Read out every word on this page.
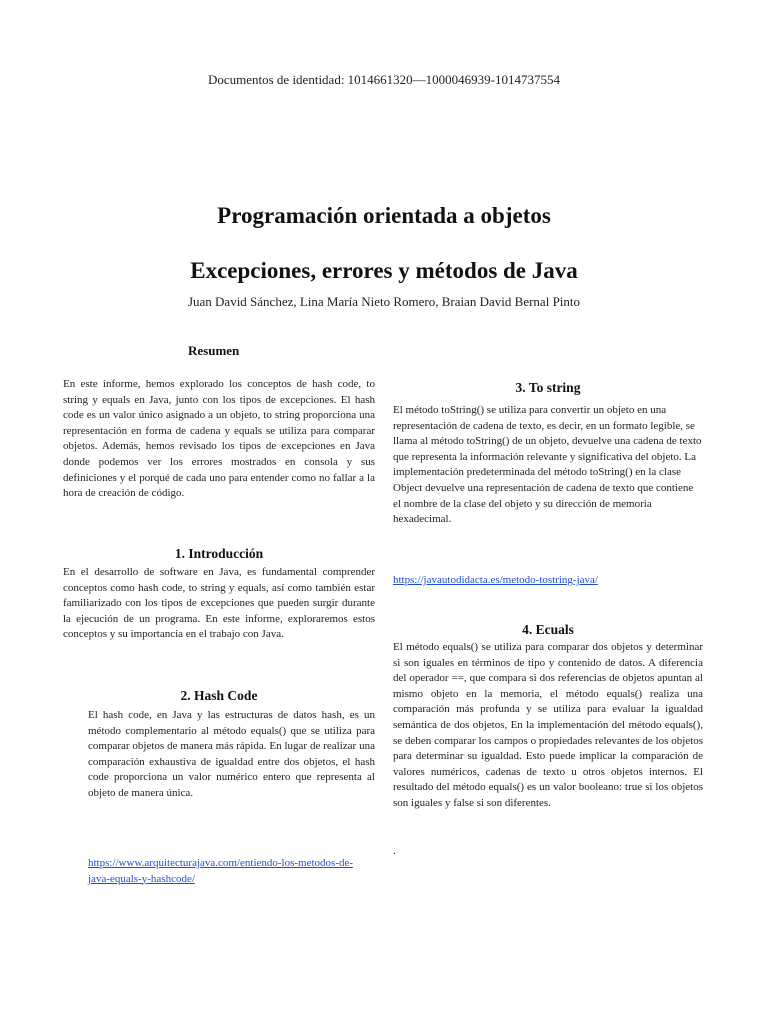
Documentos de identidad: 1014661320—1000046939-1014737554
Programación orientada a objetos
Excepciones, errores y métodos de Java
Juan David Sánchez, Lina María Nieto Romero, Braian David Bernal Pinto
Resumen

En este informe, hemos explorado los conceptos de hash code, to string y equals en Java, junto con los tipos de excepciones. El hash code es un valor único asignado a un objeto, to string proporciona una representación en forma de cadena y equals se utiliza para comparar objetos. Además, hemos revisado los tipos de excepciones en Java donde podemos ver los errores mostrados en consola y sus definiciones y el porqué de cada uno para entender como no fallar a la hora de creación de código.

1. Introducción

En el desarrollo de software en Java, es fundamental comprender conceptos como hash code, to string y equals, así como también estar familiarizado con los tipos de excepciones que pueden surgir durante la ejecución de un programa. En este informe, exploraremos estos conceptos y su importancia en el trabajo con Java.

2. Hash Code

El hash code, en Java y las estructuras de datos hash, es un método complementario al método equals() que se utiliza para comparar objetos de manera más rápida. En lugar de realizar una comparación exhaustiva de igualdad entre dos objetos, el hash code proporciona un valor numérico entero que representa al objeto de manera única.

https://www.arquitecturajava.com/entiendo-los-metodos-de-java-equals-y-hashcode/
3. To string

El método toString() se utiliza para convertir un objeto en una representación de cadena de texto, es decir, en un formato legible, se llama al método toString() de un objeto, devuelve una cadena de texto que representa la información relevante y significativa del objeto. La implementación predeterminada del método toString() en la clase Object devuelve una representación de cadena de texto que contiene el nombre de la clase del objeto y su dirección de memoria hexadecimal.

https://javautodidacta.es/metodo-tostring-java/
4. Ecuals

El método equals() se utiliza para comparar dos objetos y determinar si son iguales en términos de tipo y contenido de datos. A diferencia del operador ==, que compara si dos referencias de objetos apuntan al mismo objeto en la memoria, el método equals() realiza una comparación más profunda y se utiliza para evaluar la igualdad semántica de dos objetos, En la implementación del método equals(), se deben comparar los campos o propiedades relevantes de los objetos para determinar su igualdad. Esto puede implicar la comparación de valores numéricos, cadenas de texto u otros objetos internos. El resultado del método equals() es un valor booleano: true si los objetos son iguales y false si son diferentes.

.
